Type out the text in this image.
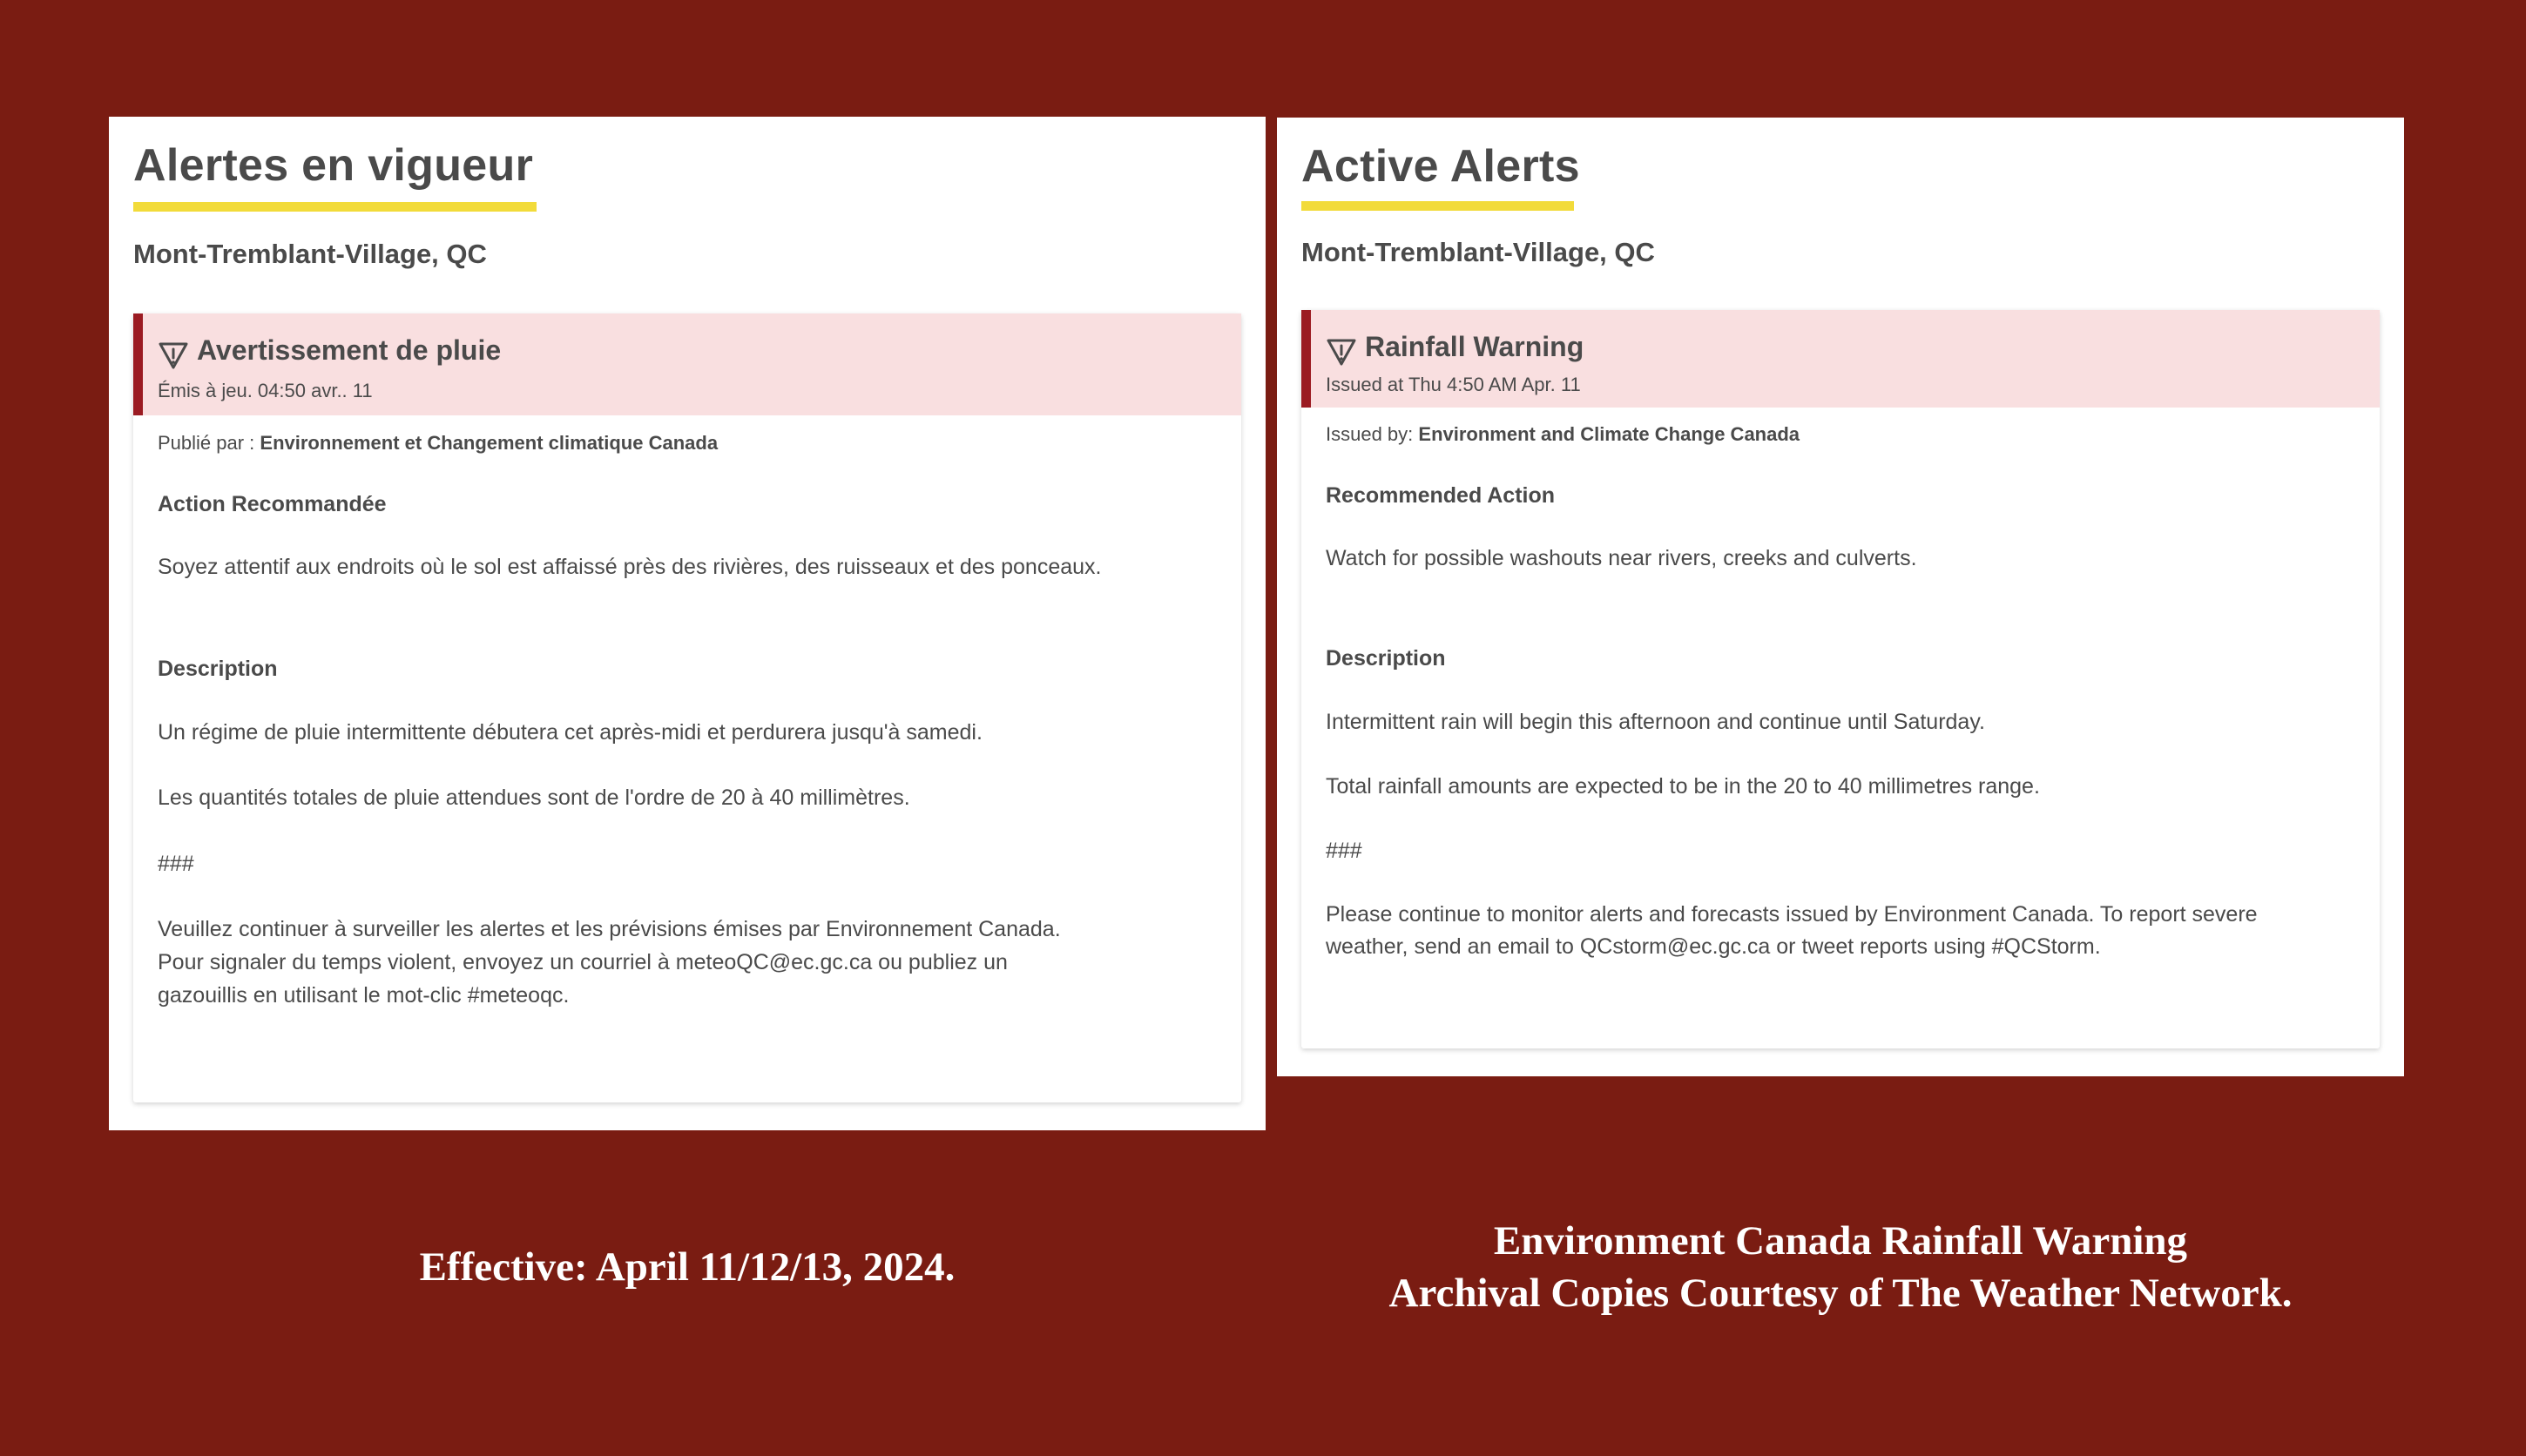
Alertes en vigueur
Mont-Tremblant-Village, QC
Avertissement de pluie
Émis à jeu. 04:50 avr.. 11
Publié par : Environnement et Changement climatique Canada
Action Recommandée
Soyez attentif aux endroits où le sol est affaissé près des rivières, des ruisseaux et des ponceaux.
Description
Un régime de pluie intermittente débutera cet après-midi et perdurera jusqu'à samedi.
Les quantités totales de pluie attendues sont de l'ordre de 20 à 40 millimètres.
###
Veuillez continuer à surveiller les alertes et les prévisions émises par Environnement Canada.
Pour signaler du temps violent, envoyez un courriel à meteoQC@ec.gc.ca ou publiez un
gazouillis en utilisant le mot-clic #meteoqc.
Active Alerts
Mont-Tremblant-Village, QC
Rainfall Warning
Issued at Thu 4:50 AM Apr. 11
Issued by: Environment and Climate Change Canada
Recommended Action
Watch for possible washouts near rivers, creeks and culverts.
Description
Intermittent rain will begin this afternoon and continue until Saturday.
Total rainfall amounts are expected to be in the 20 to 40 millimetres range.
###
Please continue to monitor alerts and forecasts issued by Environment Canada. To report severe
weather, send an email to QCstorm@ec.gc.ca or tweet reports using #QCStorm.
Effective: April 11/12/13, 2024.
Environment Canada Rainfall Warning
Archival Copies Courtesy of The Weather Network.
